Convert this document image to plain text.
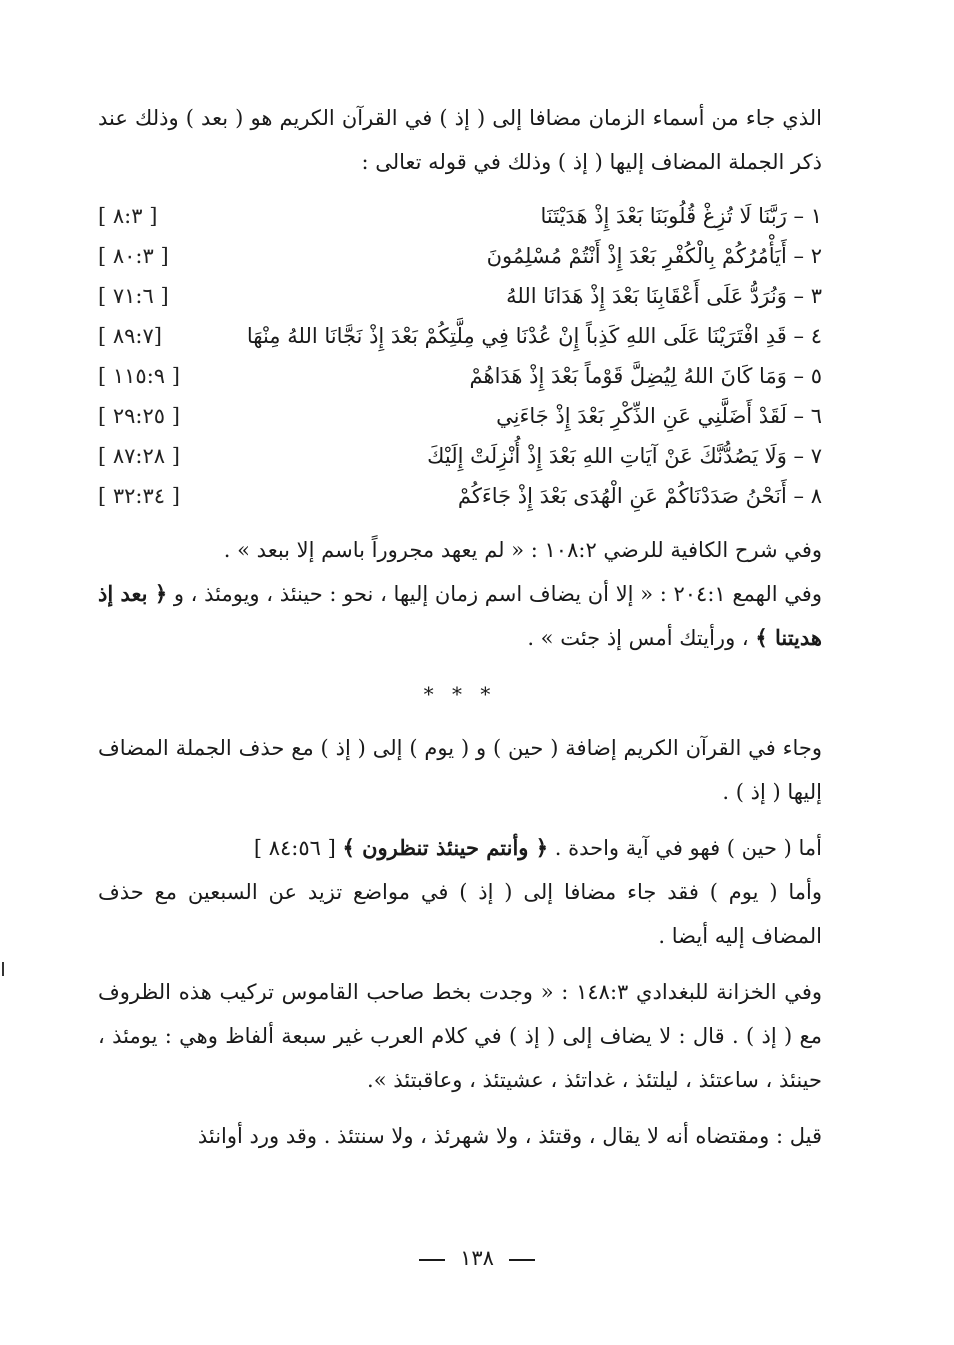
الذي جاء من أسماء الزمان مضافا إلى ( إذ ) في القرآن الكريم هو ( بعد ) وذلك عند ذكر الجملة المضاف إليها ( إذ ) وذلك في قوله تعالى :

١ – رَبَّنَا لَا تُزِغْ قُلُوبَنَا بَعْدَ إِذْ هَدَيْتَنَا
[ ٨:٣ ]
٢ – أَيَأْمُرُكُمْ بِالْكُفْرِ بَعْدَ إِذْ أَنْتُمْ مُسْلِمُونَ
[ ٨٠:٣ ]
٣ – وَنُرَدُّ عَلَى أَعْقَابِنَا بَعْدَ إِذْ هَدَانَا اللهُ
[ ٧١:٦ ]
٤ – قَدِ افْتَرَيْنَا عَلَى اللهِ كَذِباً إِنْ عُدْنَا فِي مِلَّتِكُمْ بَعْدَ إِذْ نَجَّانَا اللهُ مِنْهَا
[٨٩:٧ ]
٥ – وَمَا كَانَ اللهُ لِيُضِلَّ قَوْماً بَعْدَ إِذْ هَدَاهُمْ
[ ١١٥:٩ ]
٦ – لَقَدْ أَضَلَّنِي عَنِ الذِّكْرِ بَعْدَ إِذْ جَاءَنِي
[ ٢٩:٢٥ ]
٧ – وَلَا يَصُدُّنَّكَ عَنْ آيَاتِ اللهِ بَعْدَ إِذْ أُنْزِلَتْ إِلَيْكَ
[ ٨٧:٢٨ ]
٨ – أَنَحْنُ صَدَدْنَاكُمْ عَنِ الْهُدَى بَعْدَ إِذْ جَاءَكُمْ
[ ٣٢:٣٤ ]

وفي شرح الكافية للرضي ١٠٨:٢ : « لم يعهد مجروراً باسم إلا ببعد » .

وفي الهمع ٢٠٤:١ : « إلا أن يضاف اسم زمان إليها ، نحو : حينئذ ، ويومئذ ، و ﴿ بعد إذ هديتنا ﴾ ، ورأيتك أمس إذ جئت » .

* * *

وجاء في القرآن الكريم إضافة ( حين ) و ( يوم ) إلى ( إذ ) مع حذف الجملة المضاف إليها ( إذ ) .

أما ( حين ) فهو في آية واحدة . ﴿ وأنتم حينئذ تنظرون ﴾ [ ٨٤:٥٦ ]

وأما ( يوم ) فقد جاء مضافا إلى ( إذ ) في مواضع تزيد عن السبعين مع حذف المضاف إليه أيضا .

وفي الخزانة للبغدادي ١٤٨:٣ : « وجدت بخط صاحب القاموس تركيب هذه الظروف مع ( إذ ) . قال : لا يضاف إلى ( إذ ) في كلام العرب غير سبعة ألفاظ وهي : يومئذ ، حينئذ ، ساعتئذ ، ليلتئذ ، غداتئذ ، عشيتئذ ، وعاقبتئذ ».

قيل : ومقتضاه أنه لا يقال ، وقتئذ ، ولا شهرئذ ، ولا سنتئذ . وقد ورد أوانئذ

١٣٨
